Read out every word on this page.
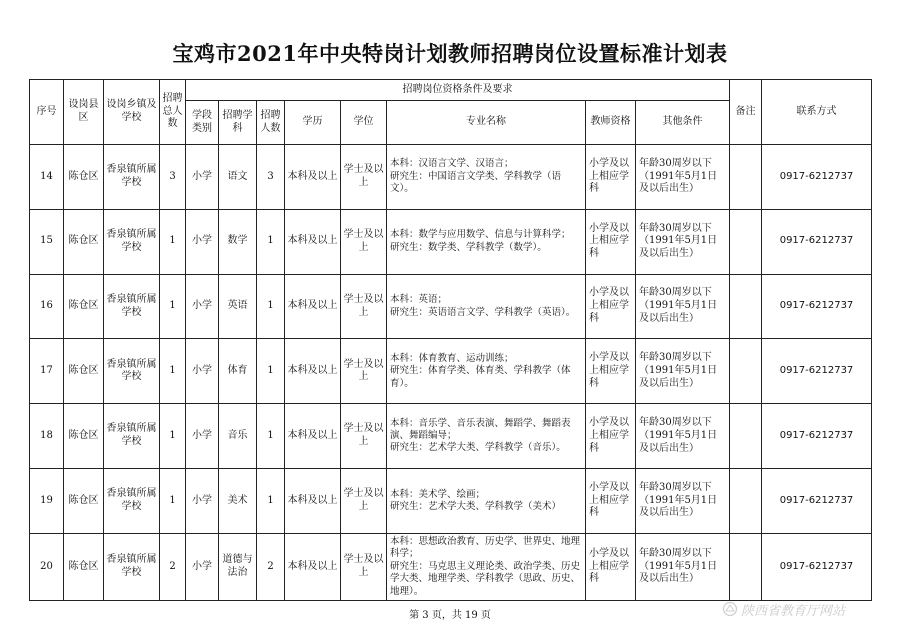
宝鸡市2021年中央特岗计划教师招聘岗位设置标准计划表
序号	设岗县区	设岗乡镇及学校	招聘总人数	招聘岗位资格条件及要求								备注	联系方式
				学段类别	招聘学科	招聘人数	学历	学位	专业名称	教师资格	其他条件		
14	陈仓区	香泉镇所属学校	3	小学	语文	3	本科及以上	学士及以上	本科：汉语言文学、汉语言；
研究生：中国语言文学类、学科教学（语文）。	小学及以上相应学科	年龄30周岁以下（1991年5月1日及以后出生）		0917-6212737
15	陈仓区	香泉镇所属学校	1	小学	数学	1	本科及以上	学士及以上	本科：数学与应用数学、信息与计算科学；
研究生：数学类、学科教学（数学）。	小学及以上相应学科	年龄30周岁以下（1991年5月1日及以后出生）		0917-6212737
16	陈仓区	香泉镇所属学校	1	小学	英语	1	本科及以上	学士及以上	本科：英语；
研究生：英语语言文学、学科教学（英语）。	小学及以上相应学科	年龄30周岁以下（1991年5月1日及以后出生）		0917-6212737
17	陈仓区	香泉镇所属学校	1	小学	体育	1	本科及以上	学士及以上	本科：体育教育、运动训练；
研究生：体育学类、体育类、学科教学（体育）。	小学及以上相应学科	年龄30周岁以下（1991年5月1日及以后出生）		0917-6212737
18	陈仓区	香泉镇所属学校	1	小学	音乐	1	本科及以上	学士及以上	本科：音乐学、音乐表演、舞蹈学、舞蹈表演、舞蹈编导；
研究生：艺术学大类、学科教学（音乐）。	小学及以上相应学科	年龄30周岁以下（1991年5月1日及以后出生）		0917-6212737
19	陈仓区	香泉镇所属学校	1	小学	美术	1	本科及以上	学士及以上	本科：美术学、绘画；
研究生：艺术学大类、学科教学（美术）	小学及以上相应学科	年龄30周岁以下（1991年5月1日及以后出生）		0917-6212737
20	陈仓区	香泉镇所属学校	2	小学	道德与法治	2	本科及以上	学士及以上	本科：思想政治教育、历史学、世界史、地理科学；
研究生：马克思主义理论类、政治学类、历史学大类、地理学类、学科教学（思政、历史、地理）。	小学及以上相应学科	年龄30周岁以下（1991年5月1日及以后出生）		0917-6212737
第 3 页，共 19 页	陕西省教育厅网站
